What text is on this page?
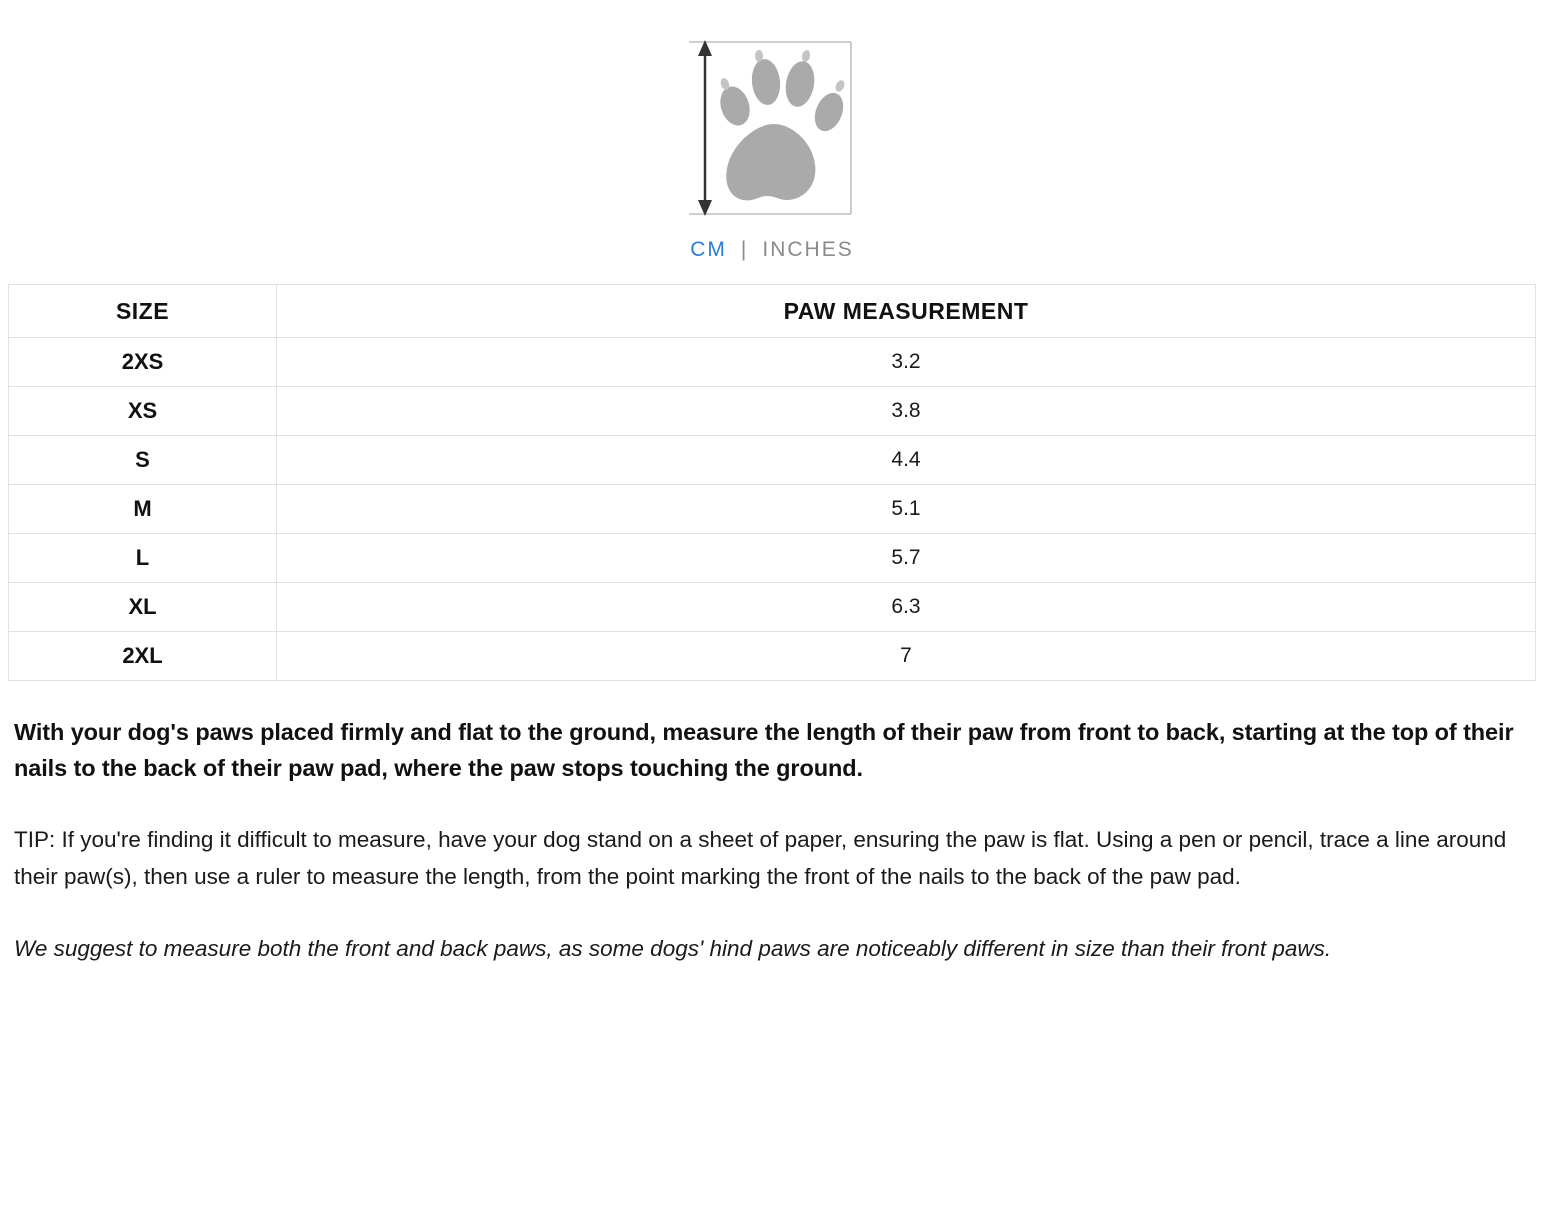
CM | INCHES
SIZE	PAW MEASUREMENT
2XS	3.2
XS	3.8
S	4.4
M	5.1
L	5.7
XL	6.3
2XL	7

With your dog's paws placed firmly and flat to the ground, measure the length of their paw from front to back, starting at the top of their nails to the back of their paw pad, where the paw stops touching the ground.

TIP: If you're finding it difficult to measure, have your dog stand on a sheet of paper, ensuring the paw is flat. Using a pen or pencil, trace a line around their paw(s), then use a ruler to measure the length, from the point marking the front of the nails to the back of the paw pad.

We suggest to measure both the front and back paws, as some dogs' hind paws are noticeably different in size than their front paws.
